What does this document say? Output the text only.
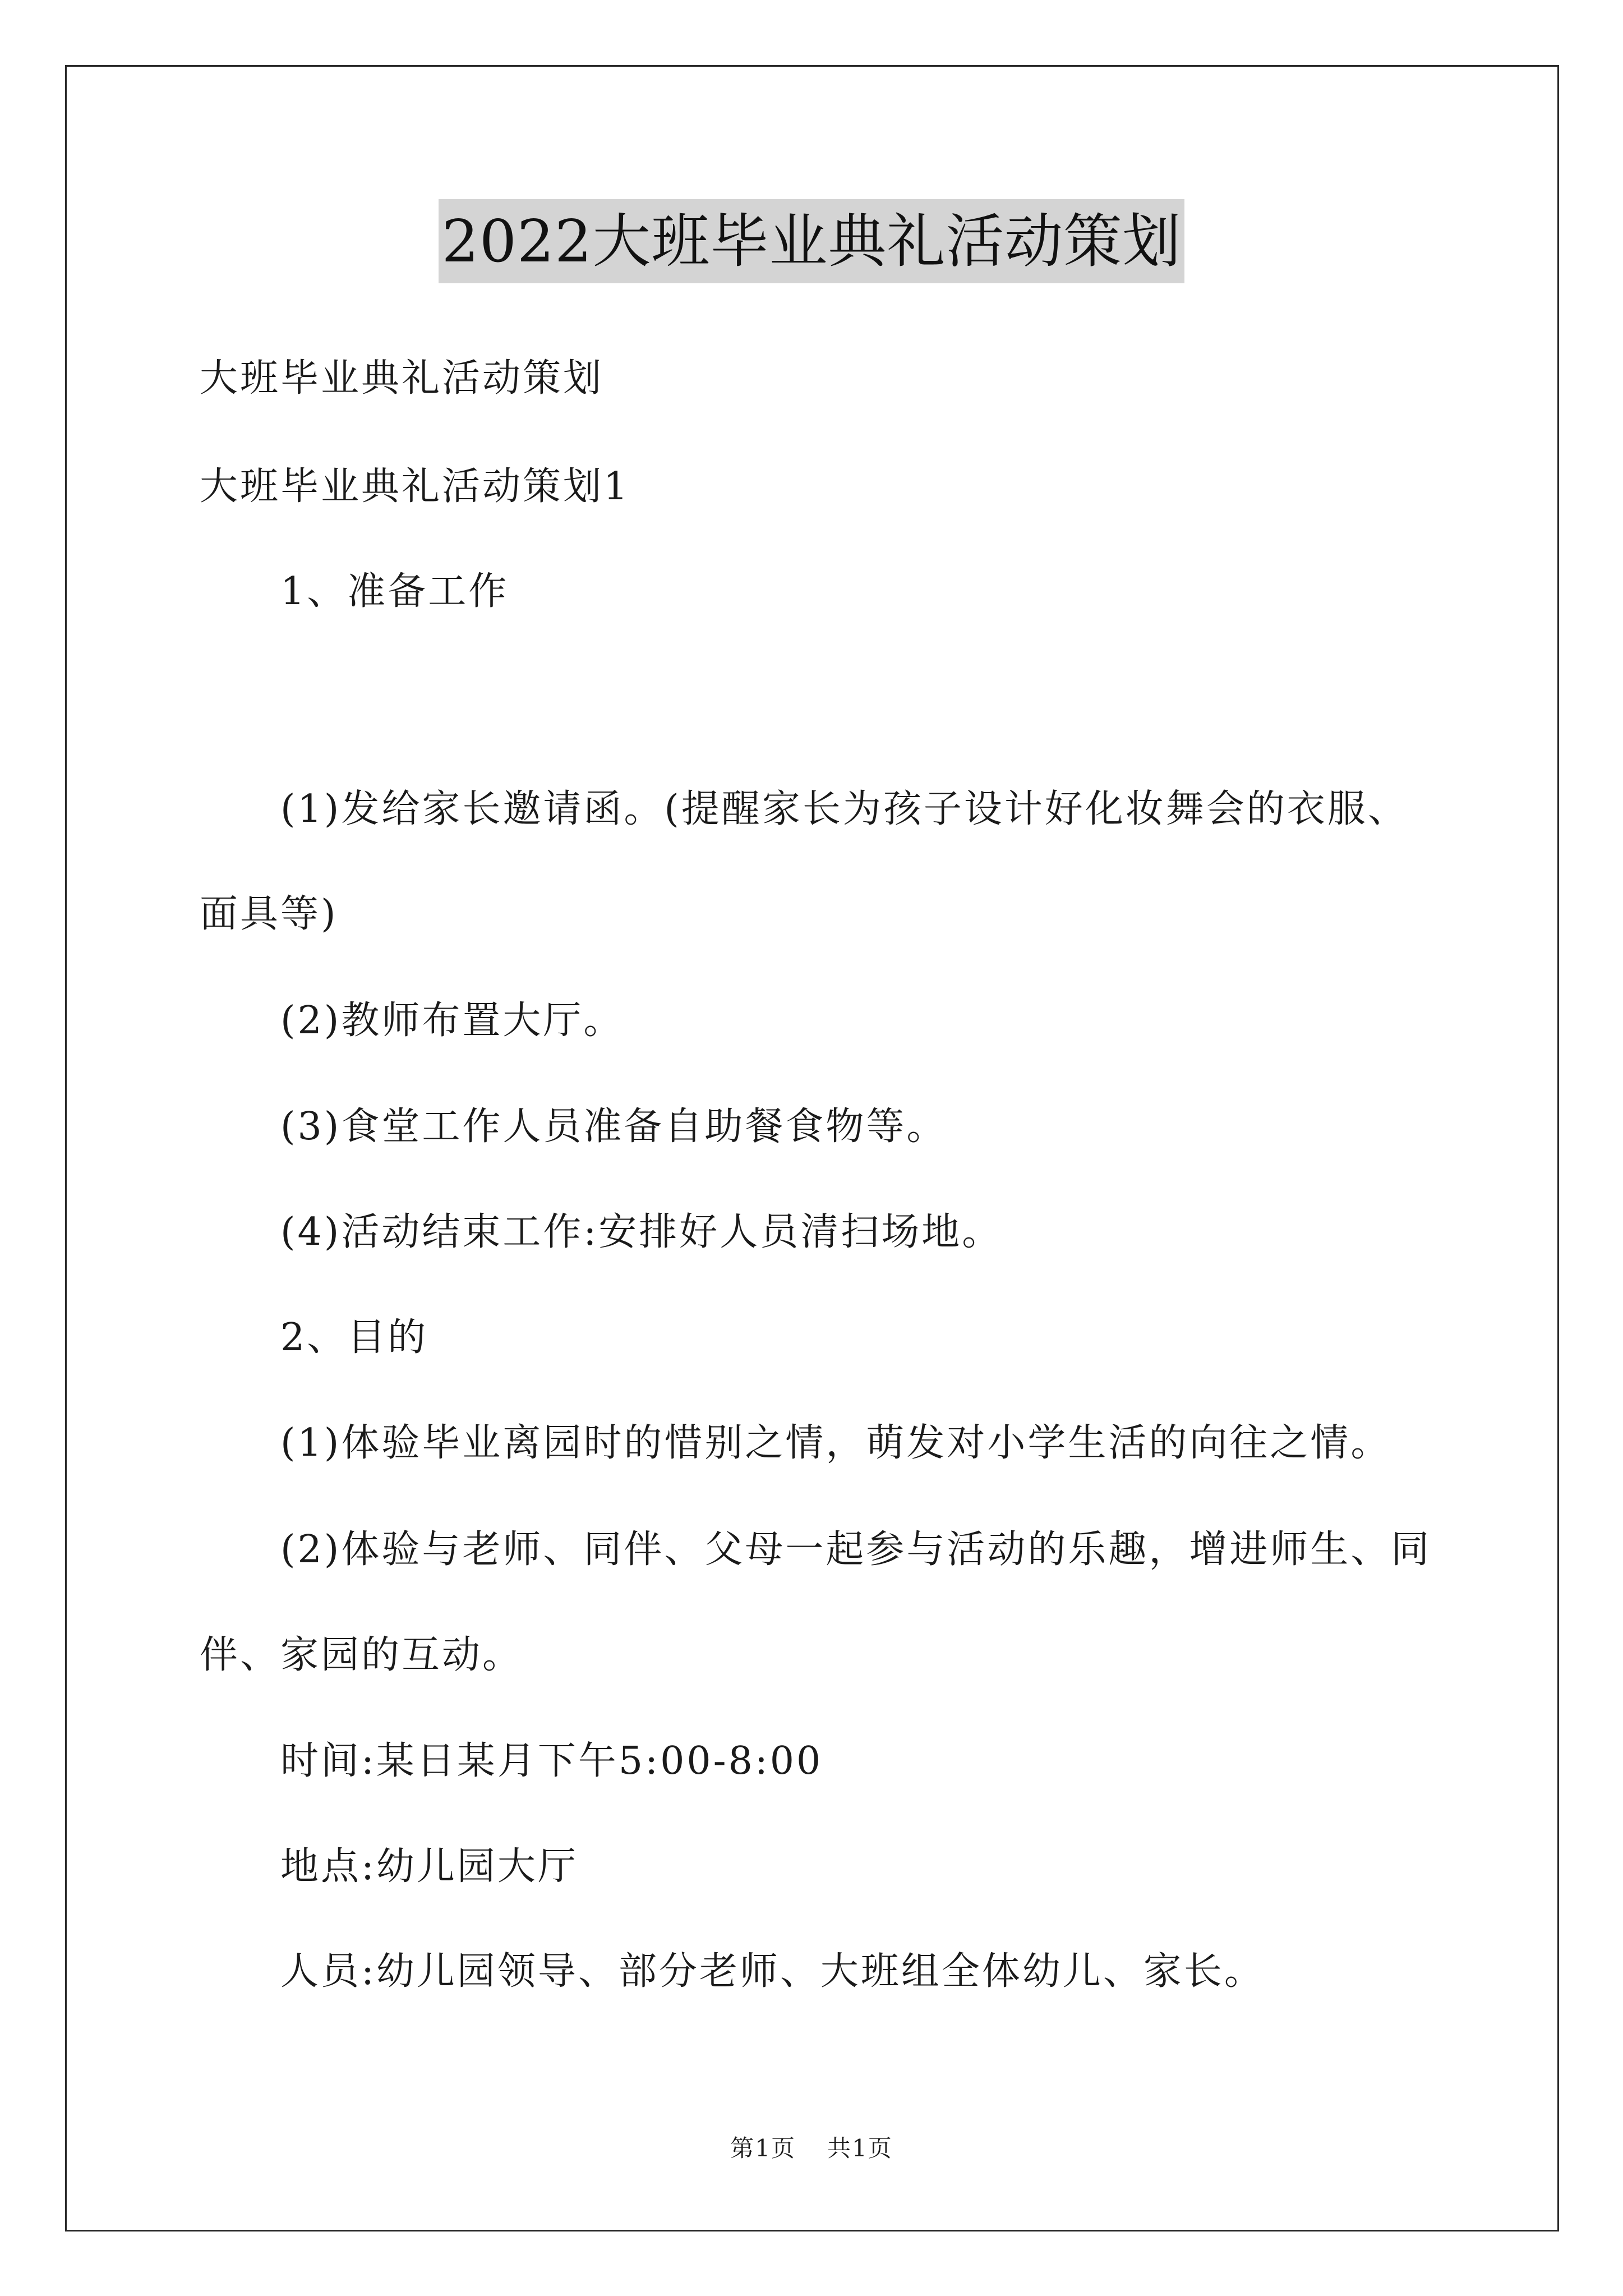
2022大班毕业典礼活动策划
大班毕业典礼活动策划
大班毕业典礼活动策划1
1、准备工作
(1)发给家长邀请函。(提醒家长为孩子设计好化妆舞会的衣服、
面具等)
(2)教师布置大厅。
(3)食堂工作人员准备自助餐食物等。
(4)活动结束工作:安排好人员清扫场地。
2、目的
(1)体验毕业离园时的惜别之情，萌发对小学生活的向往之情。
(2)体验与老师、同伴、父母一起参与活动的乐趣，增进师生、同
伴、家园的互动。
时间:某日某月下午5:00-8:00
地点:幼儿园大厅
人员:幼儿园领导、部分老师、大班组全体幼儿、家长。
第1页 共1页
